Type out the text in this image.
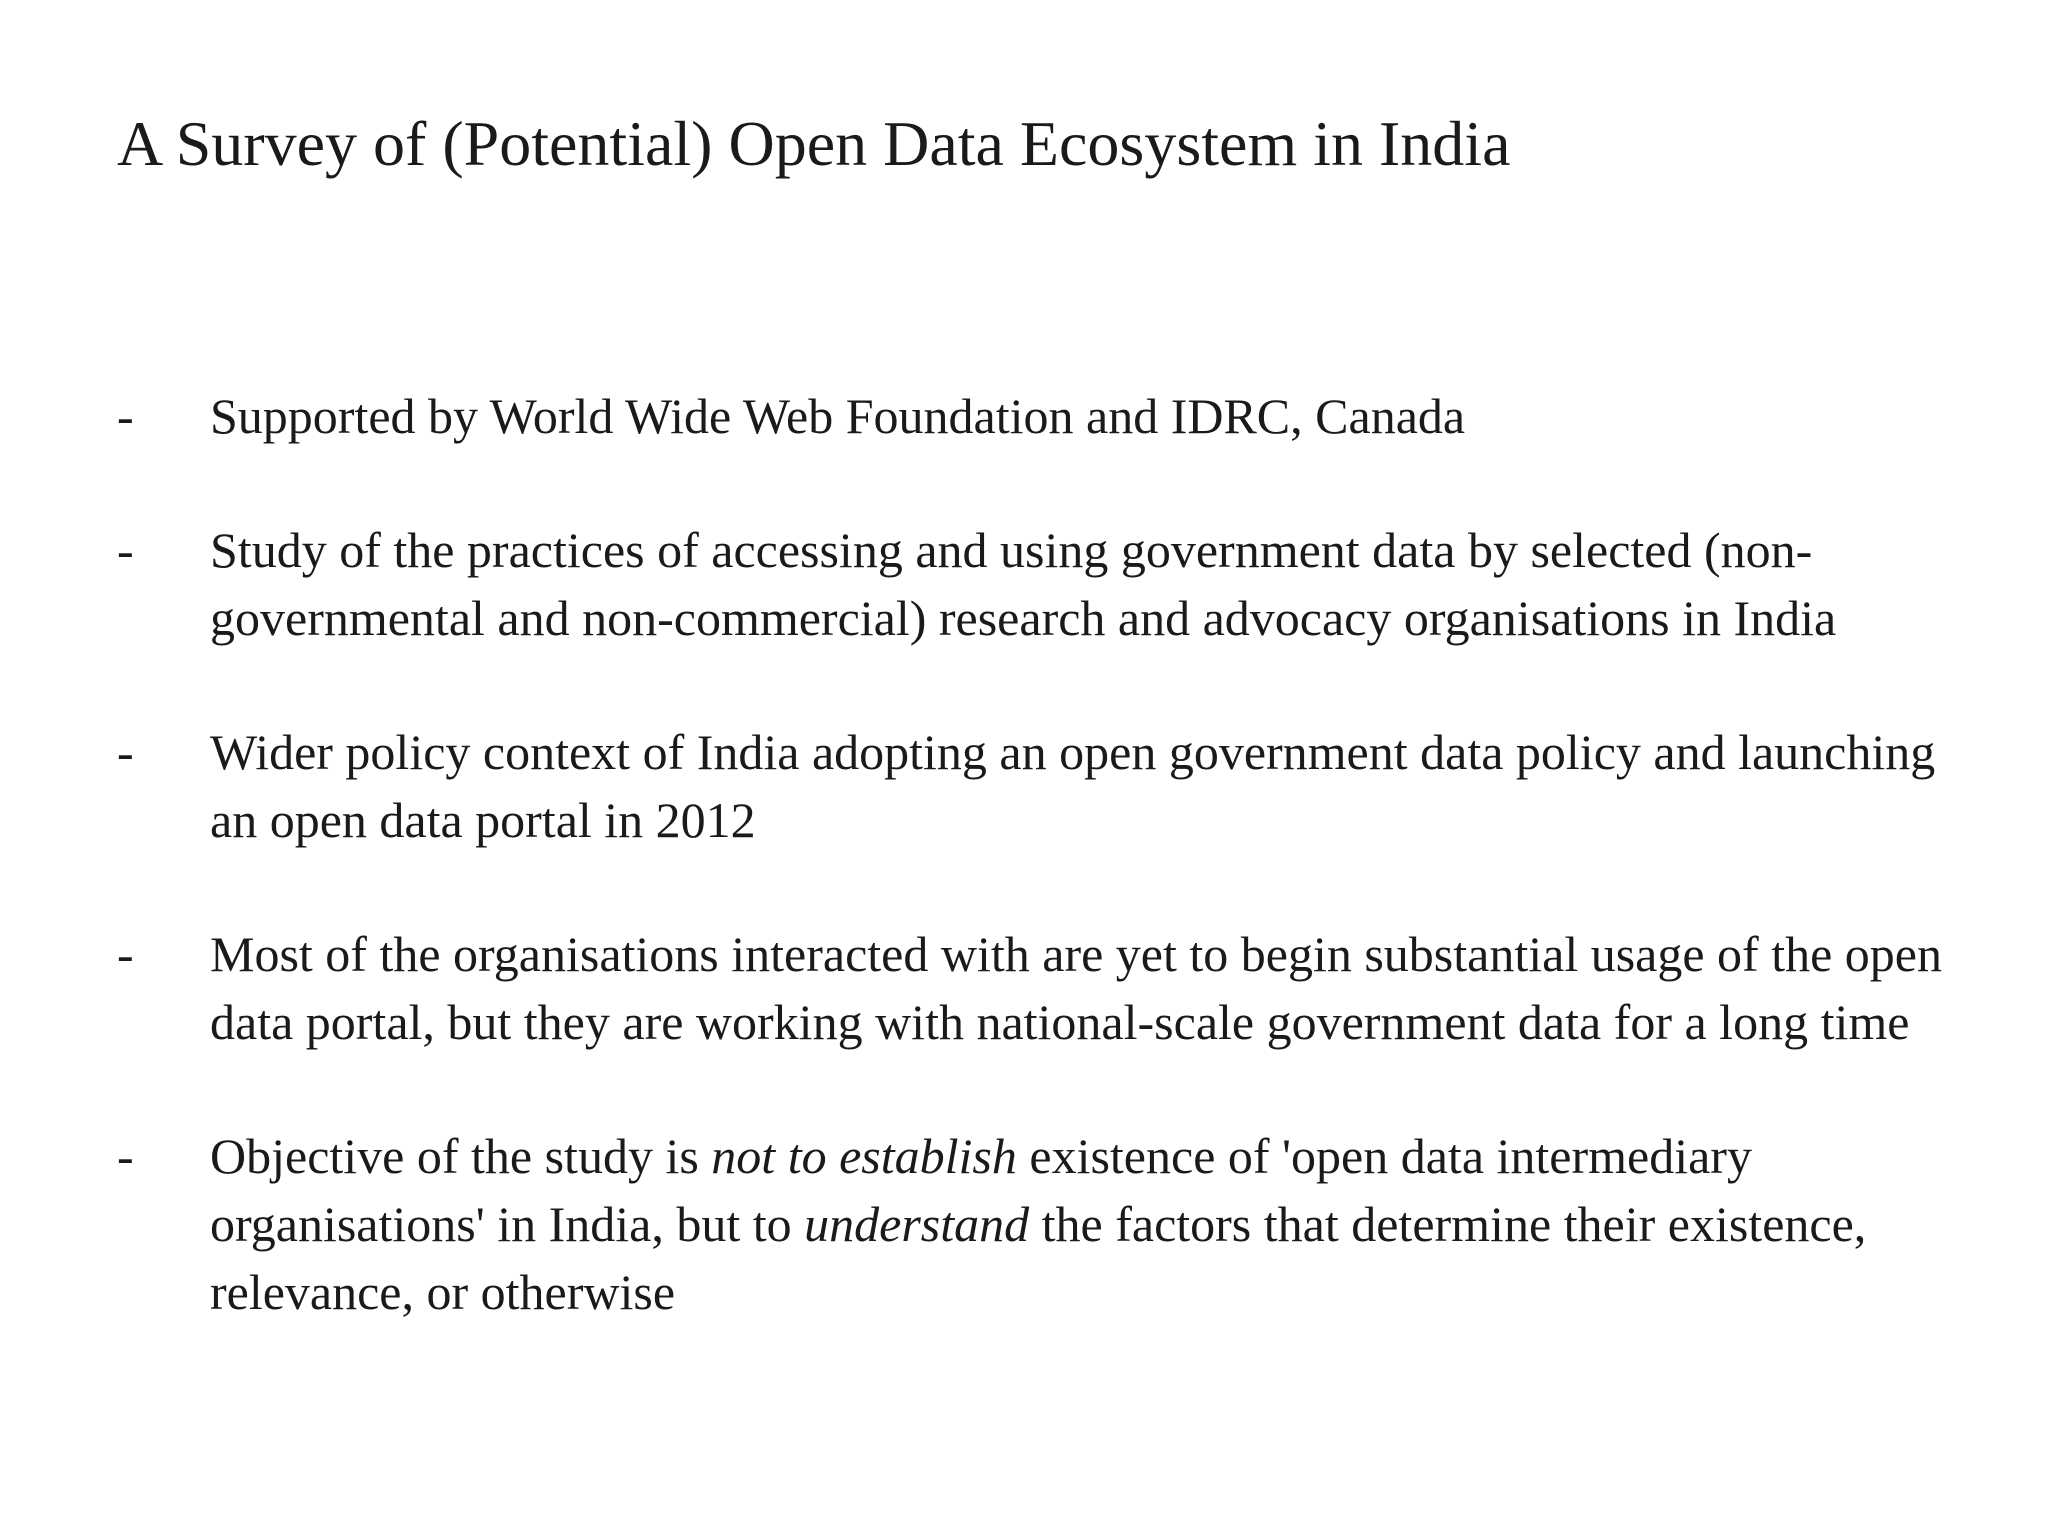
A Survey of (Potential) Open Data Ecosystem in India
- Supported by World Wide Web Foundation and IDRC, Canada
- Study of the practices of accessing and using government data by selected (non-governmental and non-commercial) research and advocacy organisations in India
- Wider policy context of India adopting an open government data policy and launching an open data portal in 2012
- Most of the organisations interacted with are yet to begin substantial usage of the open data portal, but they are working with national-scale government data for a long time
- Objective of the study is not to establish existence of 'open data intermediary organisations' in India, but to understand the factors that determine their existence, relevance, or otherwise
